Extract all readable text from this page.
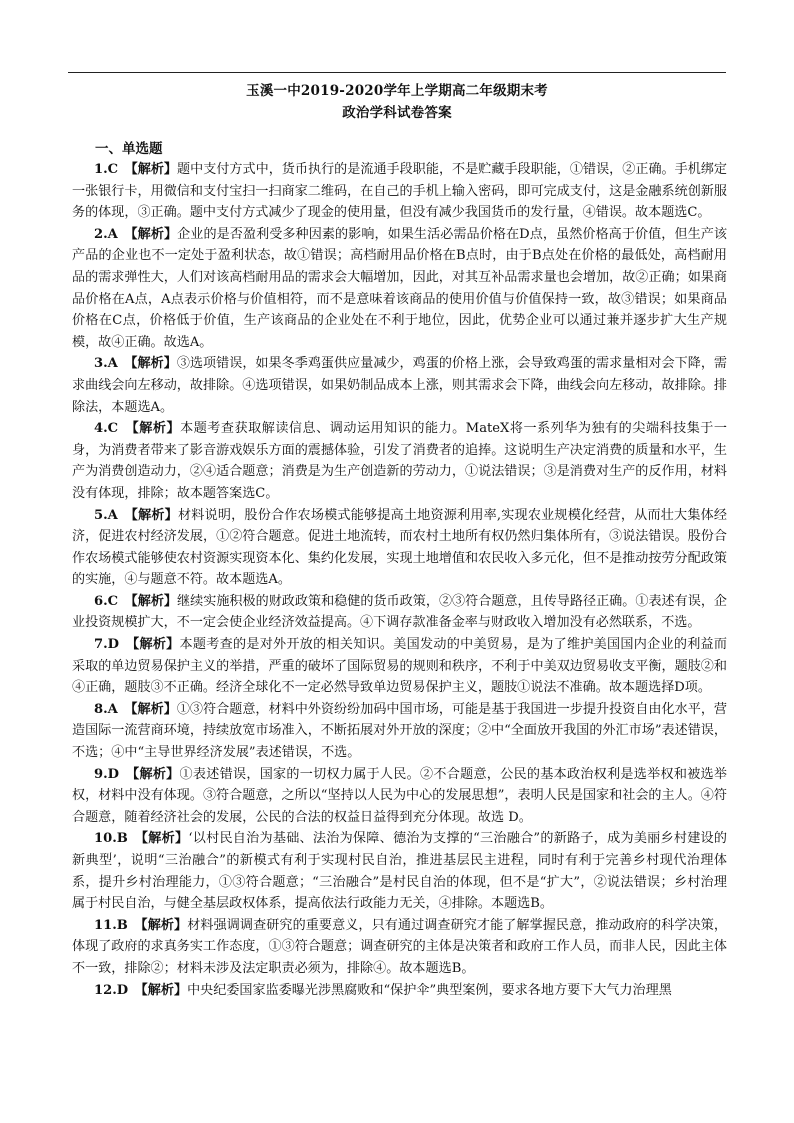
玉溪一中2019-2020学年上学期高二年级期末考
政治学科试卷答案
一、单选题

1.C　 【解析】题中支付方式中，货币执行的是流通手段职能，不是贮藏手段职能，①错误，②正确。手机绑定一张银行卡，用微信和支付宝扫一扫商家二维码，在自己的手机上输入密码，即可完成支付，这是金融系统创新服务的体现，③正确。题中支付方式减少了现金的使用量，但没有减少我国货币的发行量，④错误。故本题选C。

2.A　 【解析】企业的是否盈利受多种因素的影响，如果生活必需品价格在D点，虽然价格高于价值，但生产该产品的企业也不一定处于盈利状态，故①错误；高档耐用品价格在B点时，由于B点处在价格的最低处，高档耐用品的需求弹性大，人们对该高档耐用品的需求会大幅增加，因此，对其互补品需求量也会增加，故②正确；如果商品价格在A点，A点表示价格与价值相符，而不是意味着该商品的使用价值与价值保持一致，故③错误；如果商品价格在C点，价格低于价值，生产该商品的企业处在不利于地位，因此，优势企业可以通过兼并逐步扩大生产规模，故④正确。故选A。

3.A　 【解析】③选项错误，如果冬季鸡蛋供应量减少，鸡蛋的价格上涨，会导致鸡蛋的需求量相对会下降，需求曲线会向左移动，故排除。④选项错误，如果奶制品成本上涨，则其需求会下降，曲线会向左移动，故排除。排除法，本题选A。

4.C　 【解析】本题考查获取解读信息、调动运用知识的能力。MateX将一系列华为独有的尖端科技集于一身，为消费者带来了影音游戏娱乐方面的震撼体验，引发了消费者的追捧。这说明生产决定消费的质量和水平，生产为消费创造动力，②④适合题意；消费是为生产创造新的劳动力，①说法错误；③是消费对生产的反作用，材料没有体现，排除；故本题答案选C。

5.A　 【解析】材料说明，股份合作农场模式能够提高土地资源利用率,实现农业规模化经营，从而壮大集体经济，促进农村经济发展，①②符合题意。促进土地流转，而农村土地所有权仍然归集体所有，③说法错误。股份合作农场模式能够使农村资源实现资本化、集约化发展，实现土地增值和农民收入多元化，但不是推动按劳分配政策的实施，④与题意不符。故本题选A。

6.C　 【解析】继续实施积极的财政政策和稳健的货币政策，②③符合题意，且传导路径正确。①表述有误，企业投资规模扩大，不一定会使企业经济效益提高。④下调存款准备金率与财政收入增加没有必然联系，不选。

7.D　 【解析】本题考查的是对外开放的相关知识。美国发动的中美贸易，是为了维护美国国内企业的利益而采取的单边贸易保护主义的举措，严重的破坏了国际贸易的规则和秩序，不利于中美双边贸易收支平衡，题肢②和④正确，题肢③不正确。经济全球化不一定必然导致单边贸易保护主义，题肢①说法不准确。故本题选择D项。

8.A　 【解析】①③符合题意，材料中外资纷纷加码中国市场，可能是基于我国进一步提升投资自由化水平，营造国际一流营商环境，持续放宽市场准入，不断拓展对外开放的深度；②中“全面放开我国的外汇市场”表述错误，不选；④中“主导世界经济发展”表述错误，不选。

9.D　 【解析】①表述错误，国家的一切权力属于人民。②不合题意，公民的基本政治权利是选举权和被选举权，材料中没有体现。③符合题意，之所以“坚持以人民为中心的发展思想”，表明人民是国家和社会的主人。④符合题意，随着经济社会的发展，公民的合法的权益日益得到充分体现。故选 D。

10.B　 【解析】‘以村民自治为基础、法治为保障、德治为支撑的“三治融合”的新路子，成为美丽乡村建设的新典型’，说明“三治融合”的新模式有利于实现村民自治，推进基层民主进程，同时有利于完善乡村现代治理体系，提升乡村治理能力，①③符合题意；“三治融合”是村民自治的体现，但不是“扩大”，②说法错误；乡村治理属于村民自治，与健全基层政权体系，提高依法行政能力无关，④排除。本题选B。

11.B　 【解析】材料强调调查研究的重要意义，只有通过调查研究才能了解掌握民意，推动政府的科学决策，体现了政府的求真务实工作态度，①③符合题意；调查研究的主体是决策者和政府工作人员，而非人民，因此主体不一致，排除②；材料未涉及法定职责必须为，排除④。故本题选B。

12.D　 【解析】中央纪委国家监委曝光涉黑腐败和“保护伞”典型案例，要求各地方要下大气力治理黑
